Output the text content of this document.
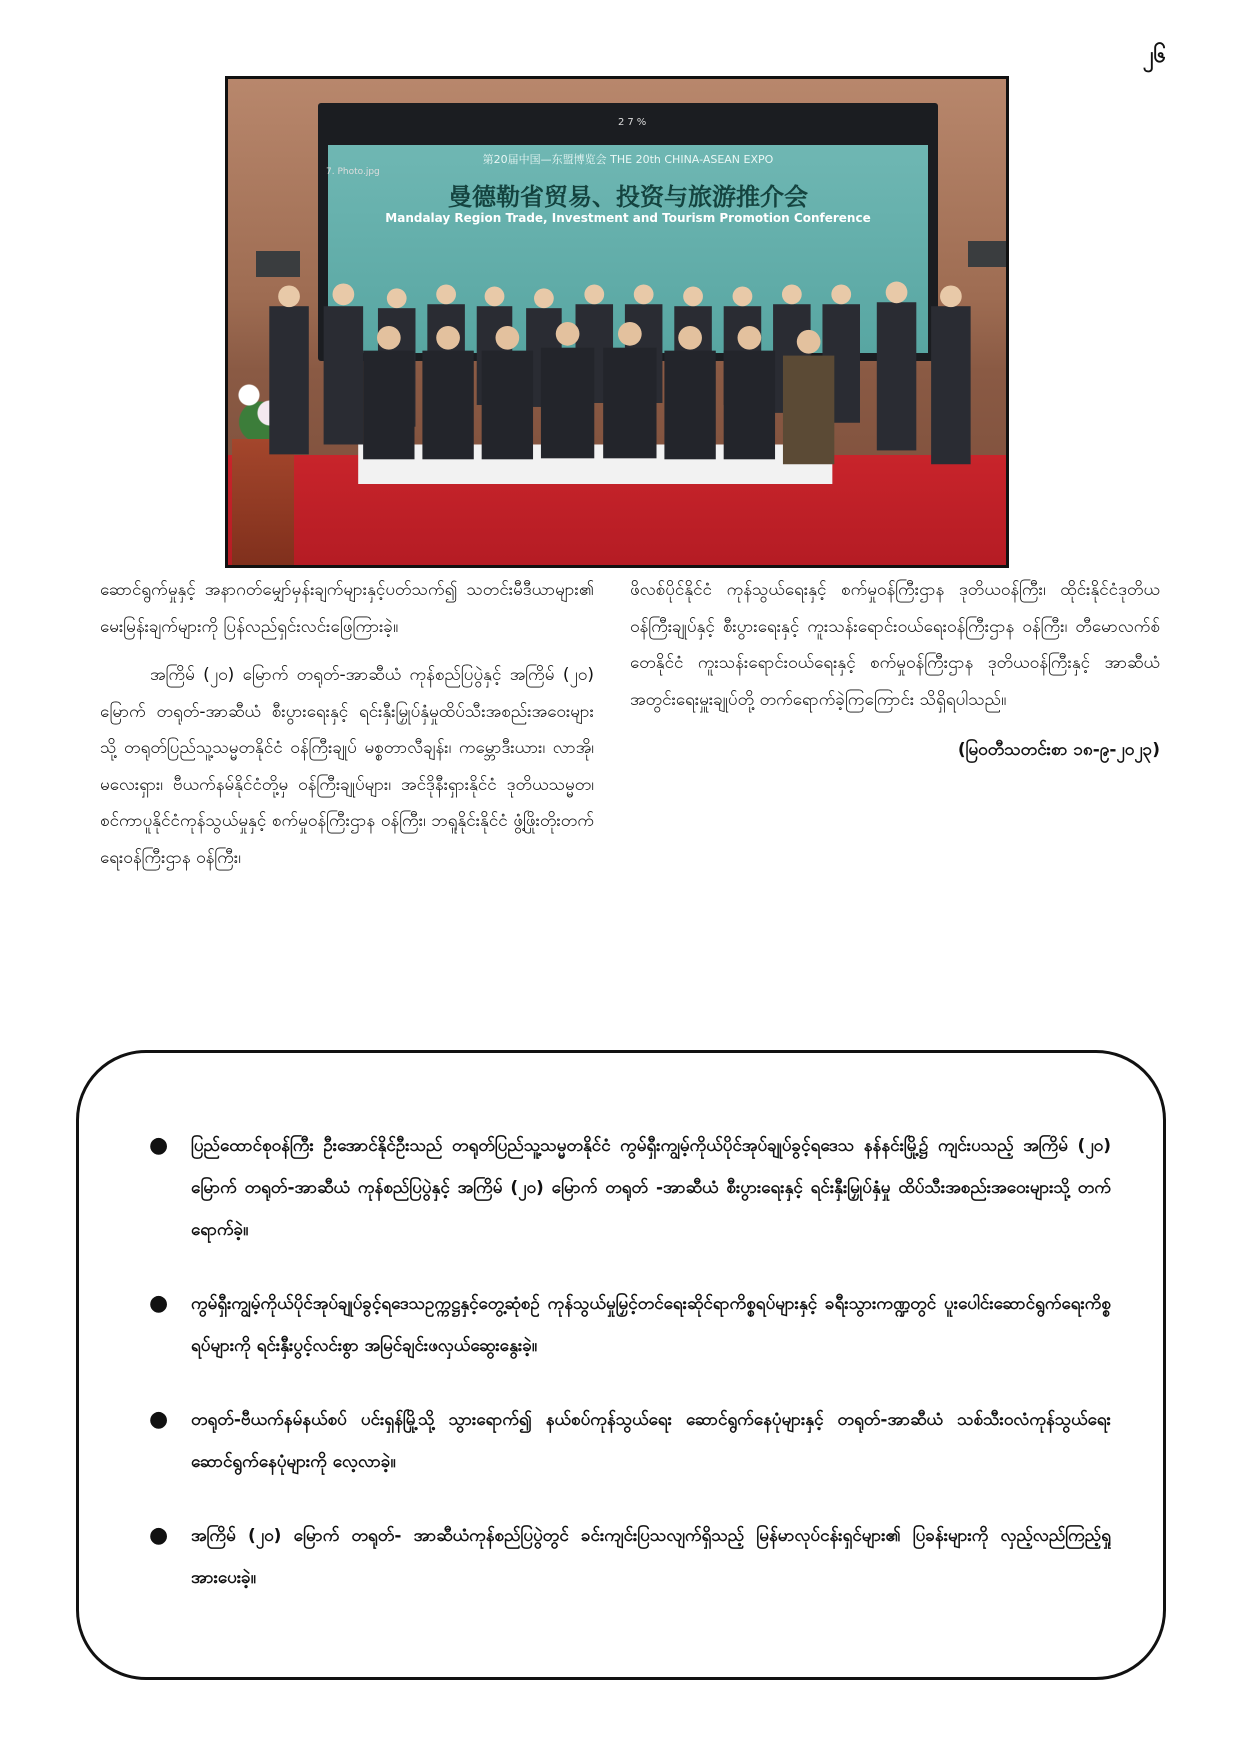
၂၆
27%
第20届中国—东盟博览会 THE 20th CHINA-ASEAN EXPO
曼德勒省贸易、投资与旅游推介会
Mandalay Region Trade, Investment and Tourism Promotion Conference
7. Photo.jpg

ဆောင်ရွက်မှုနှင့် အနာဂတ်မျှော်မှန်းချက်များနှင့်ပတ်သက်၍ သတင်းမီဒီယာများ၏ မေးမြန်းချက်များကို ပြန်လည်ရှင်းလင်းဖြေကြားခဲ့။

အကြိမ် (၂၀) မြောက် တရုတ်-အာဆီယံ ကုန်စည်ပြပွဲနှင့် အကြိမ် (၂၀) မြောက် တရုတ်-အာဆီယံ စီးပွားရေးနှင့် ရင်းနှီးမြှုပ်နှံမှုထိပ်သီးအစည်းအဝေးများသို့ တရုတ်ပြည်သူ့သမ္မတနိုင်ငံ ဝန်ကြီးချုပ် မစ္စတာလီချန်း၊ ကမ္ဘောဒီးယား၊ လာအို၊ မလေးရှား၊ ဗီယက်နမ်နိုင်ငံတို့မှ ဝန်ကြီးချုပ်များ၊ အင်ဒိုနီးရှားနိုင်ငံ ဒုတိယသမ္မတ၊ စင်ကာပူနိုင်ငံကုန်သွယ်မှုနှင့် စက်မှုဝန်ကြီးဌာန ဝန်ကြီး၊ ဘရူနိုင်းနိုင်ငံ ဖွံ့ဖြိုးတိုးတက်ရေးဝန်ကြီးဌာန ဝန်ကြီး၊

ဖိလစ်ပိုင်နိုင်ငံ ကုန်သွယ်ရေးနှင့် စက်မှုဝန်ကြီးဌာန ဒုတိယဝန်ကြီး၊ ထိုင်းနိုင်ငံဒုတိယဝန်ကြီးချုပ်နှင့် စီးပွားရေးနှင့် ကူးသန်းရောင်းဝယ်ရေးဝန်ကြီးဌာန ဝန်ကြီး၊ တီမောလက်စ်တေနိုင်ငံ ကူးသန်းရောင်းဝယ်ရေးနှင့် စက်မှုဝန်ကြီးဌာန ဒုတိယဝန်ကြီးနှင့် အာဆီယံအတွင်းရေးမှူးချုပ်တို့ တက်ရောက်ခဲ့ကြကြောင်း သိရှိရပါသည်။

(မြဝတီသတင်းစာ ၁၈-၉-၂၀၂၃)

● ပြည်ထောင်စုဝန်ကြီး ဦးအောင်နိုင်ဦးသည် တရုတ်ပြည်သူ့သမ္မတနိုင်ငံ ကွမ်ရှီးကျွမ့်ကိုယ်ပိုင်အုပ်ချုပ်ခွင့်ရဒေသ နန်နင်းမြို့၌ ကျင်းပသည့် အကြိမ် (၂၀) မြောက် တရုတ်-အာဆီယံ ကုန်စည်ပြပွဲနှင့် အကြိမ် (၂၀) မြောက် တရုတ် -အာဆီယံ စီးပွားရေးနှင့် ရင်းနှီးမြှုပ်နှံမှု ထိပ်သီးအစည်းအဝေးများသို့ တက်ရောက်ခဲ့။
● ကွမ်ရှီးကျွမ့်ကိုယ်ပိုင်အုပ်ချုပ်ခွင့်ရဒေသဥက္ကဋ္ဌနှင့်တွေ့ဆုံစဉ် ကုန်သွယ်မှုမြှင့်တင်ရေးဆိုင်ရာကိစ္စရပ်များနှင့် ခရီးသွားကဏ္ဍတွင် ပူးပေါင်းဆောင်ရွက်ရေးကိစ္စရပ်များကို ရင်းနှီးပွင့်လင်းစွာ အမြင်ချင်းဖလှယ်ဆွေးနွေးခဲ့။
● တရုတ်-ဗီယက်နမ်နယ်စပ် ပင်းရှန်မြို့သို့ သွားရောက်၍ နယ်စပ်ကုန်သွယ်ရေး ဆောင်ရွက်နေပုံများနှင့် တရုတ်-အာဆီယံ သစ်သီးဝလံကုန်သွယ်ရေး ဆောင်ရွက်နေပုံများကို လေ့လာခဲ့။
● အကြိမ် (၂၀) မြောက် တရုတ်- အာဆီယံကုန်စည်ပြပွဲတွင် ခင်းကျင်းပြသလျက်ရှိသည့် မြန်မာလုပ်ငန်းရှင်များ၏ ပြခန်းများကို လှည့်လည်ကြည့်ရှုအားပေးခဲ့။
